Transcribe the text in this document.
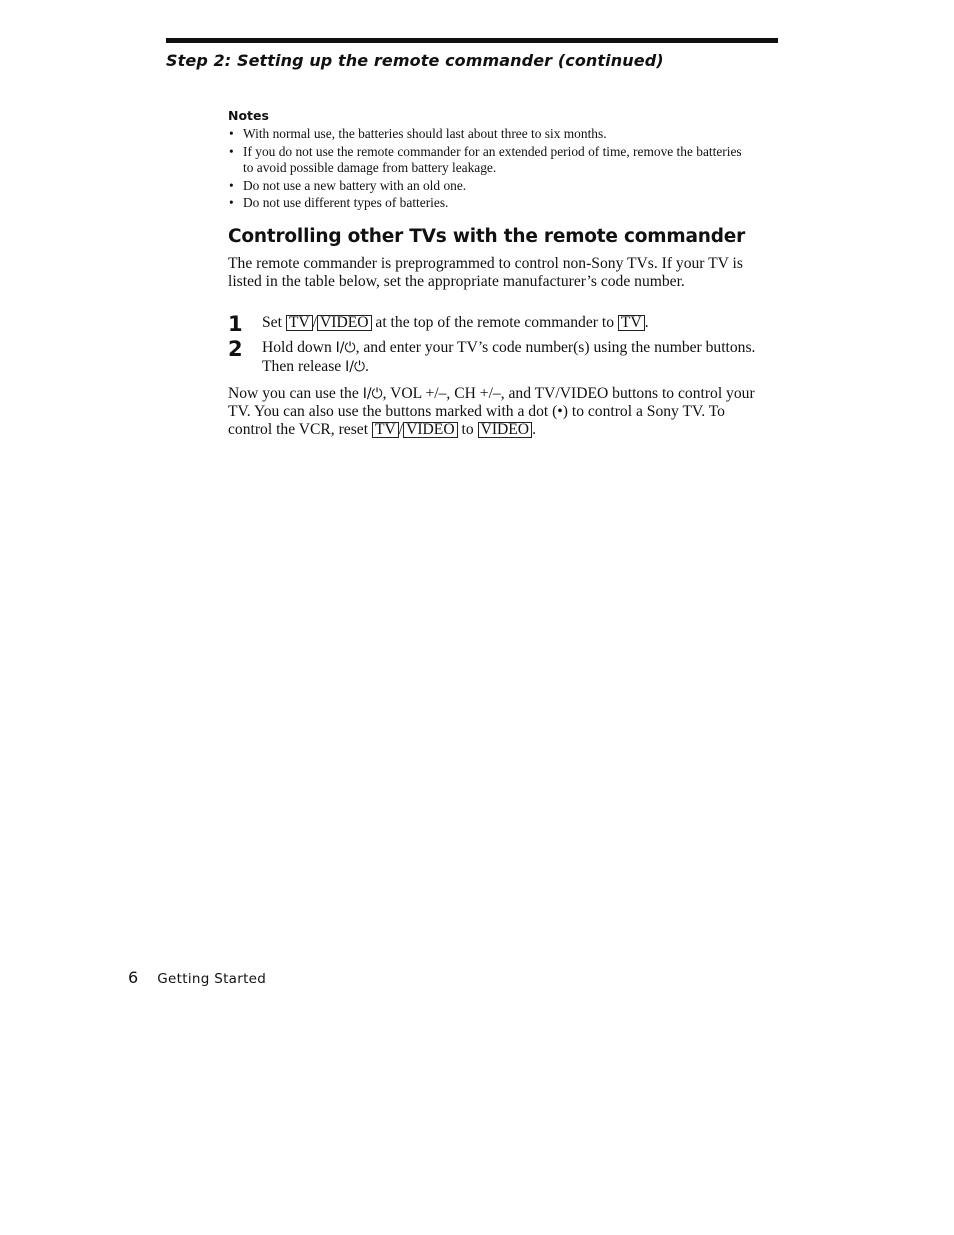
Step 2: Setting up the remote commander (continued)
Notes
• With normal use, the batteries should last about three to six months.
• If you do not use the remote commander for an extended period of time, remove the batteries to avoid possible damage from battery leakage.
• Do not use a new battery with an old one.
• Do not use different types of batteries.
Controlling other TVs with the remote commander

The remote commander is preprogrammed to control non-Sony TVs. If your TV is listed in the table below, set the appropriate manufacturer’s code number.

1 Set TV / VIDEO at the top of the remote commander to TV .
2 Hold down I/⏻, and enter your TV’s code number(s) using the number buttons. Then release I/⏻.

Now you can use the I/⏻, VOL +/–, CH +/–, and TV/VIDEO buttons to control your TV. You can also use the buttons marked with a dot (•) to control a Sony TV. To control the VCR, reset TV / VIDEO to VIDEO .

6 Getting Started
